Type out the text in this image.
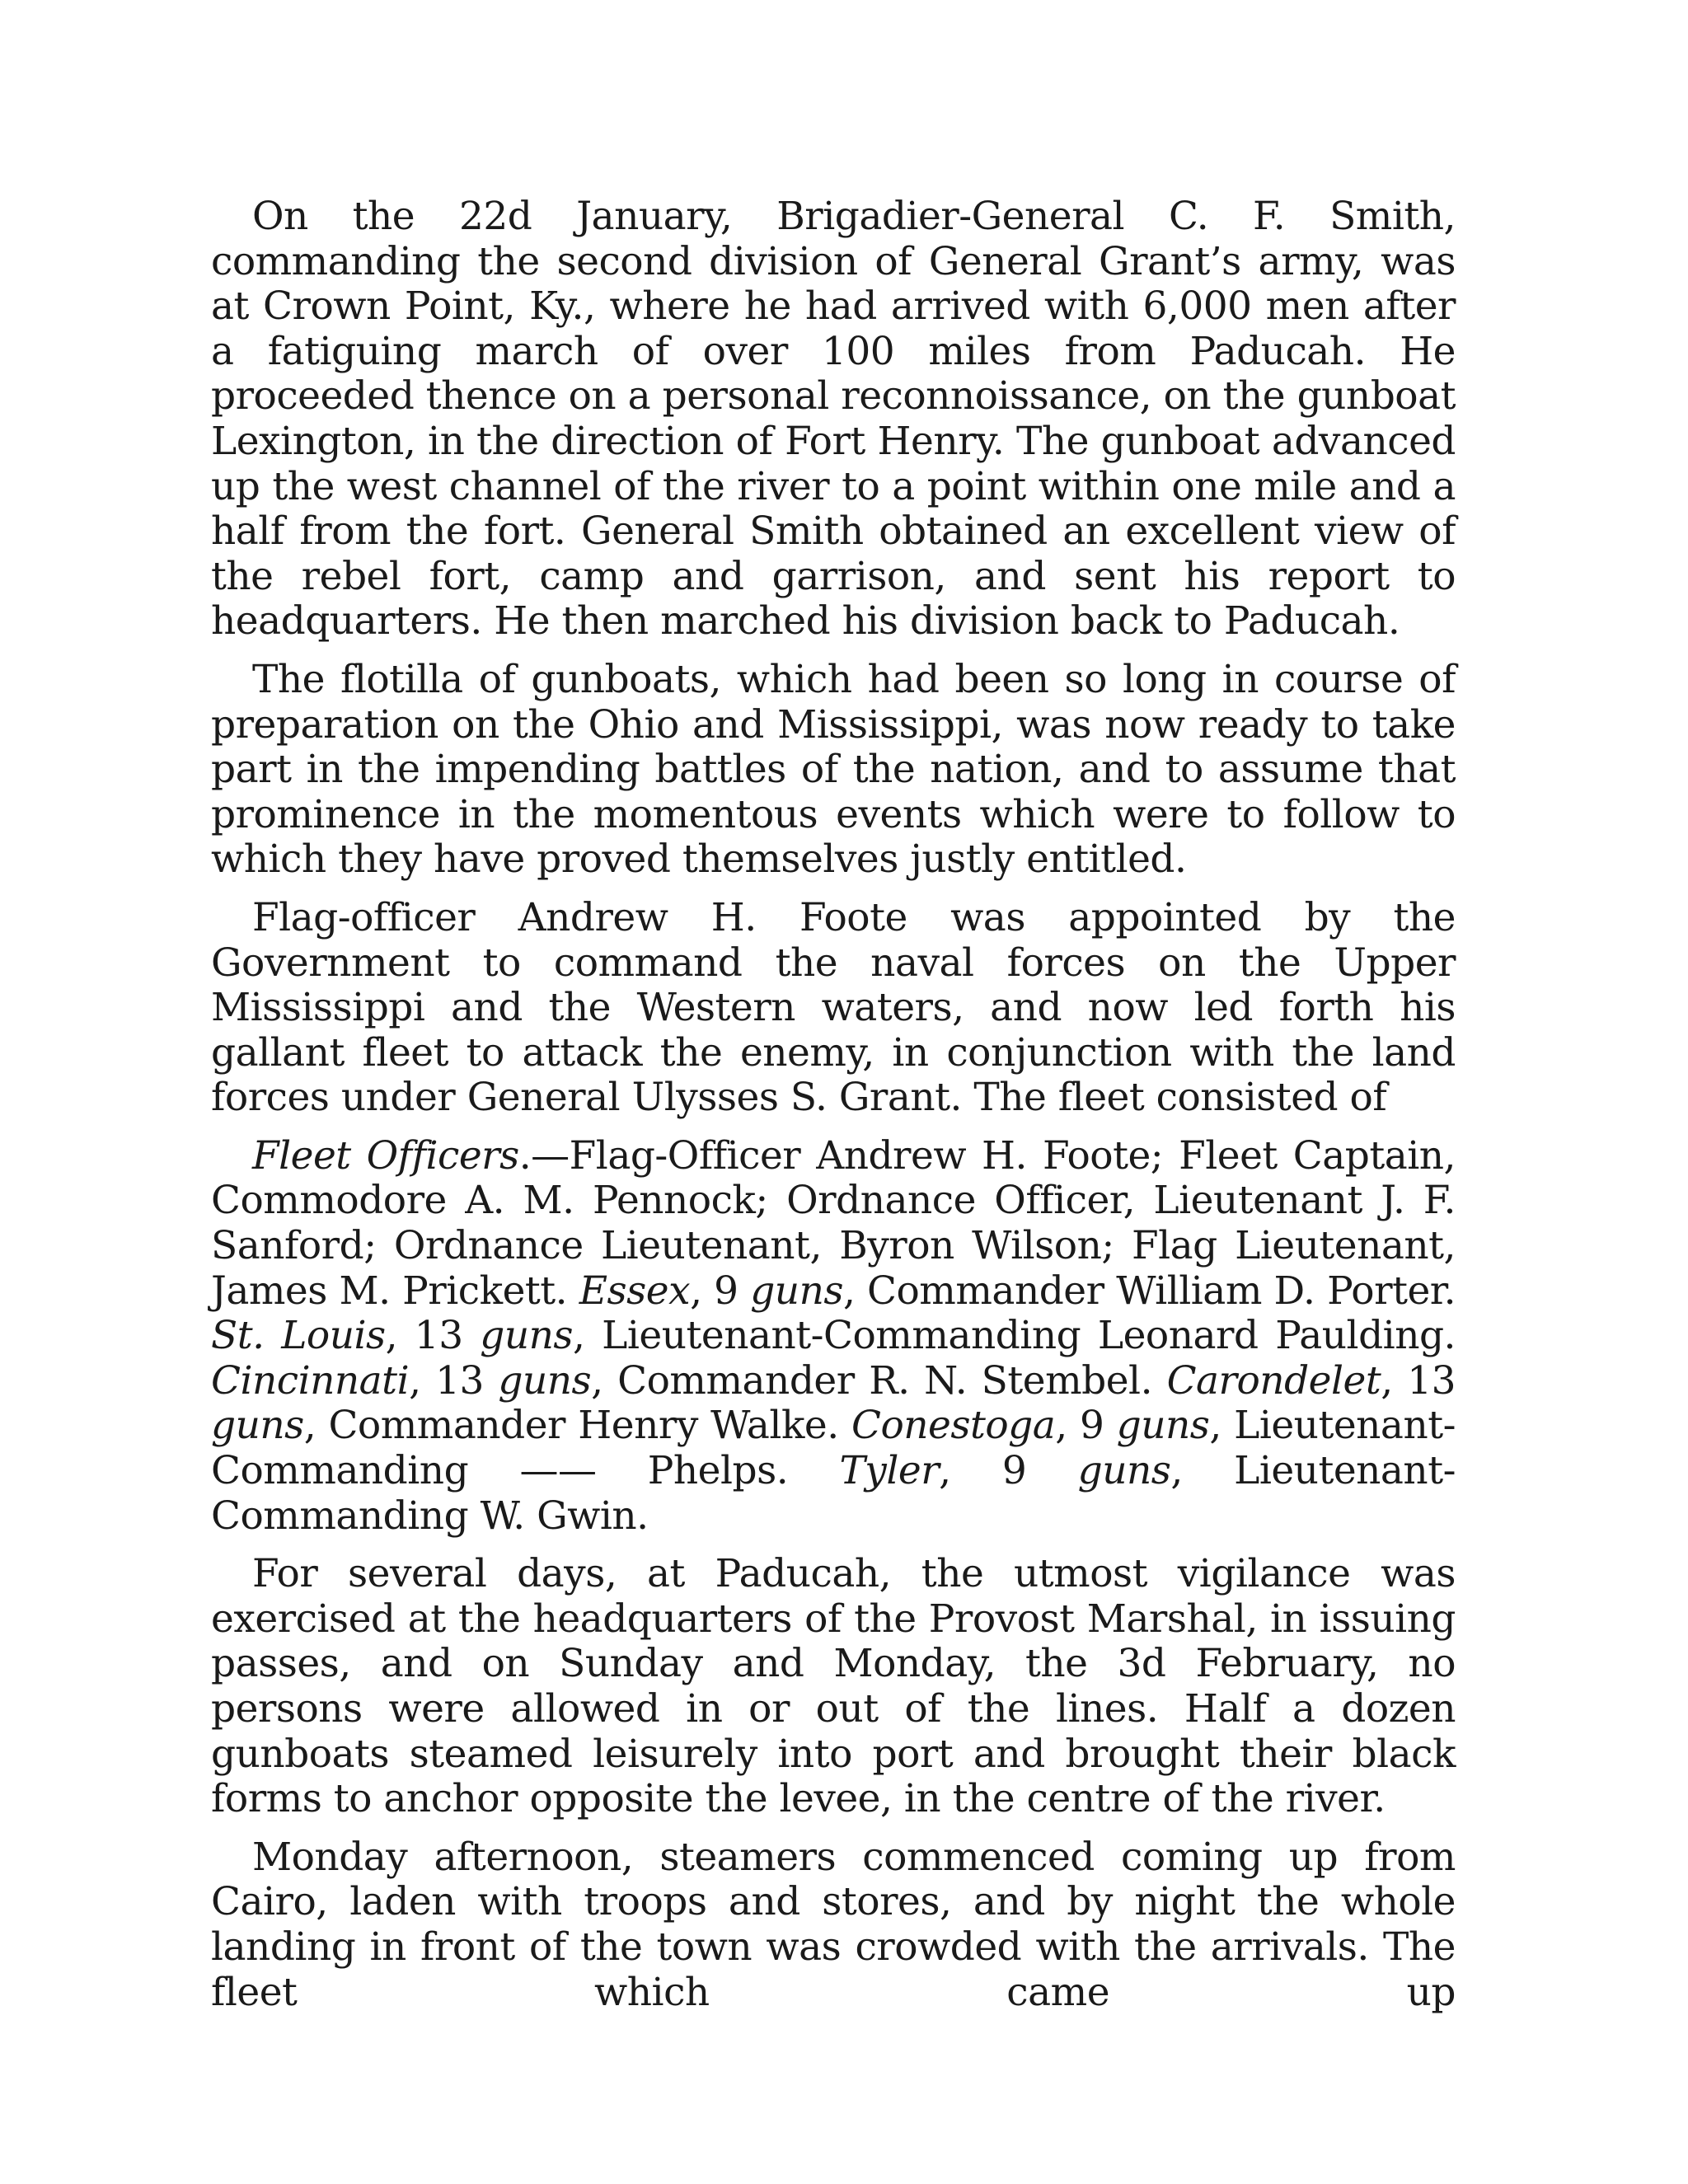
On the 22d January, Brigadier-General C. F. Smith, commanding the second division of General Grant’s army, was at Crown Point, Ky., where he had arrived with 6,000 men after a fatiguing march of over 100 miles from Paducah. He proceeded thence on a personal reconnoissance, on the gunboat Lexington, in the direction of Fort Henry. The gunboat advanced up the west channel of the river to a point within one mile and a half from the fort. General Smith obtained an excellent view of the rebel fort, camp and garrison, and sent his report to headquarters. He then marched his division back to Paducah.

The flotilla of gunboats, which had been so long in course of preparation on the Ohio and Mississippi, was now ready to take part in the impending battles of the nation, and to assume that prominence in the momentous events which were to follow to which they have proved themselves justly entitled.

Flag-officer Andrew H. Foote was appointed by the Government to command the naval forces on the Upper Mississippi and the Western waters, and now led forth his gallant fleet to attack the enemy, in conjunction with the land forces under General Ulysses S. Grant. The fleet consisted of

Fleet Officers.—Flag-Officer Andrew H. Foote; Fleet Captain, Commodore A. M. Pennock; Ordnance Officer, Lieutenant J. F. Sanford; Ordnance Lieutenant, Byron Wilson; Flag Lieutenant, James M. Prickett. Essex, 9 guns, Commander William D. Porter. St. Louis, 13 guns, Lieutenant-Commanding Leonard Paulding. Cincinnati, 13 guns, Commander R. N. Stembel. Carondelet, 13 guns, Commander Henry Walke. Conestoga, 9 guns, Lieutenant-Commanding —— Phelps. Tyler, 9 guns, Lieutenant-Commanding W. Gwin.

For several days, at Paducah, the utmost vigilance was exercised at the headquarters of the Provost Marshal, in issuing passes, and on Sunday and Monday, the 3d February, no persons were allowed in or out of the lines. Half a dozen gunboats steamed leisurely into port and brought their black forms to anchor opposite the levee, in the centre of the river.

Monday afternoon, steamers commenced coming up from Cairo, laden with troops and stores, and by night the whole landing in front of the town was crowded with the arrivals. The fleet which came up
